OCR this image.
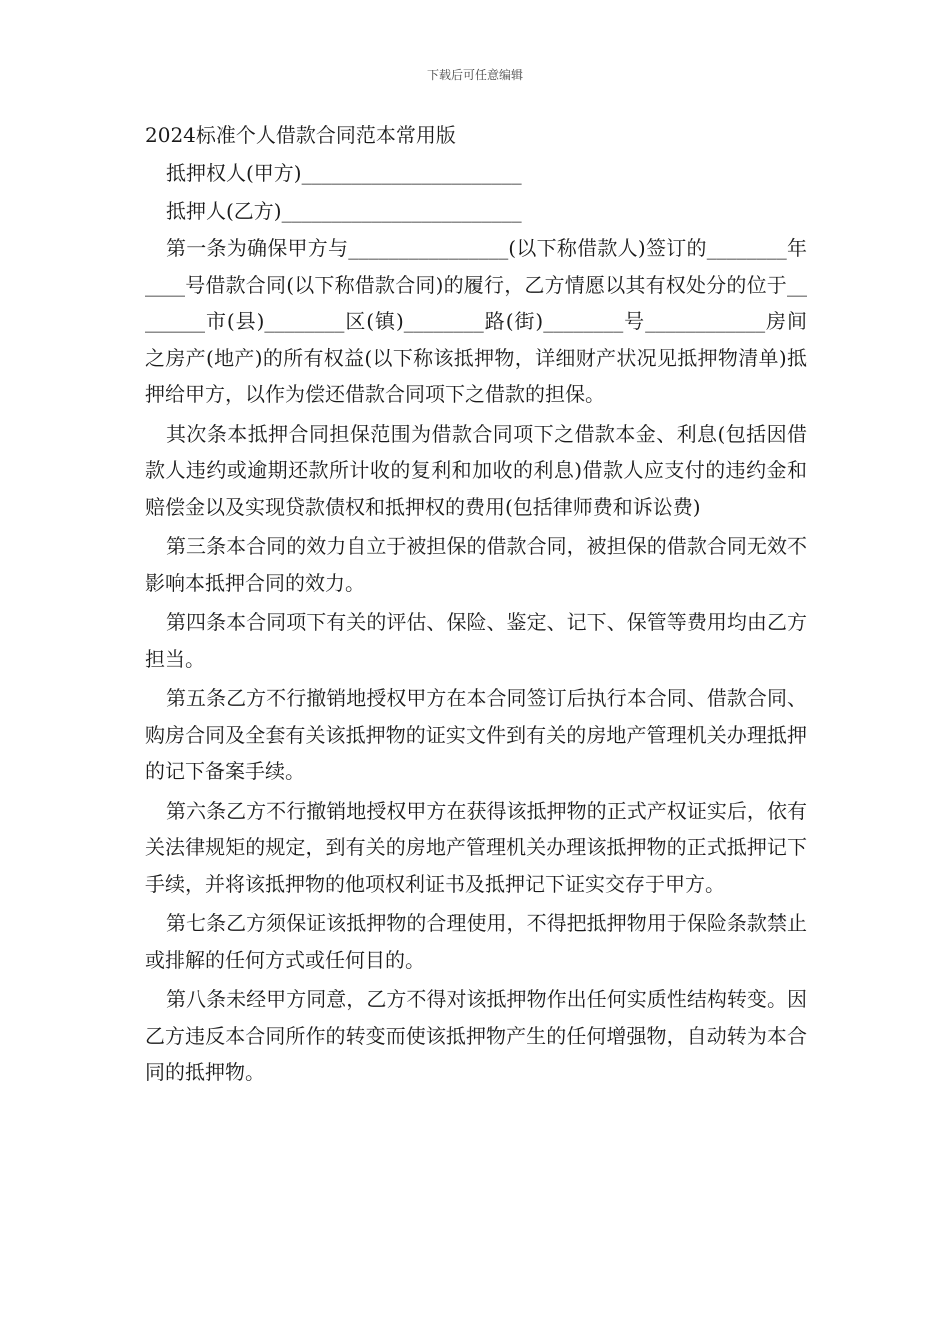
下载后可任意编辑
2024标准个人借款合同范本常用版

抵押权人(甲方)______________________

抵押人(乙方)________________________

第一条为确保甲方与________________(以下称借款人)签订的________年____号借款合同(以下称借款合同)的履行，乙方情愿以其有权处分的位于________市(县)________区(镇)________路(街)________号____________房间之房产(地产)的所有权益(以下称该抵押物，详细财产状况见抵押物清单)抵押给甲方，以作为偿还借款合同项下之借款的担保。

其次条本抵押合同担保范围为借款合同项下之借款本金、利息(包括因借款人违约或逾期还款所计收的复利和加收的利息)借款人应支付的违约金和赔偿金以及实现贷款债权和抵押权的费用(包括律师费和诉讼费)

第三条本合同的效力自立于被担保的借款合同，被担保的借款合同无效不影响本抵押合同的效力。

第四条本合同项下有关的评估、保险、鉴定、记下、保管等费用均由乙方担当。

第五条乙方不行撤销地授权甲方在本合同签订后执行本合同、借款合同、购房合同及全套有关该抵押物的证实文件到有关的房地产管理机关办理抵押的记下备案手续。

第六条乙方不行撤销地授权甲方在获得该抵押物的正式产权证实后，依有关法律规矩的规定，到有关的房地产管理机关办理该抵押物的正式抵押记下手续，并将该抵押物的他项权利证书及抵押记下证实交存于甲方。

第七条乙方须保证该抵押物的合理使用，不得把抵押物用于保险条款禁止或排解的任何方式或任何目的。

第八条未经甲方同意，乙方不得对该抵押物作出任何实质性结构转变。因乙方违反本合同所作的转变而使该抵押物产生的任何增强物，自动转为本合同的抵押物。
